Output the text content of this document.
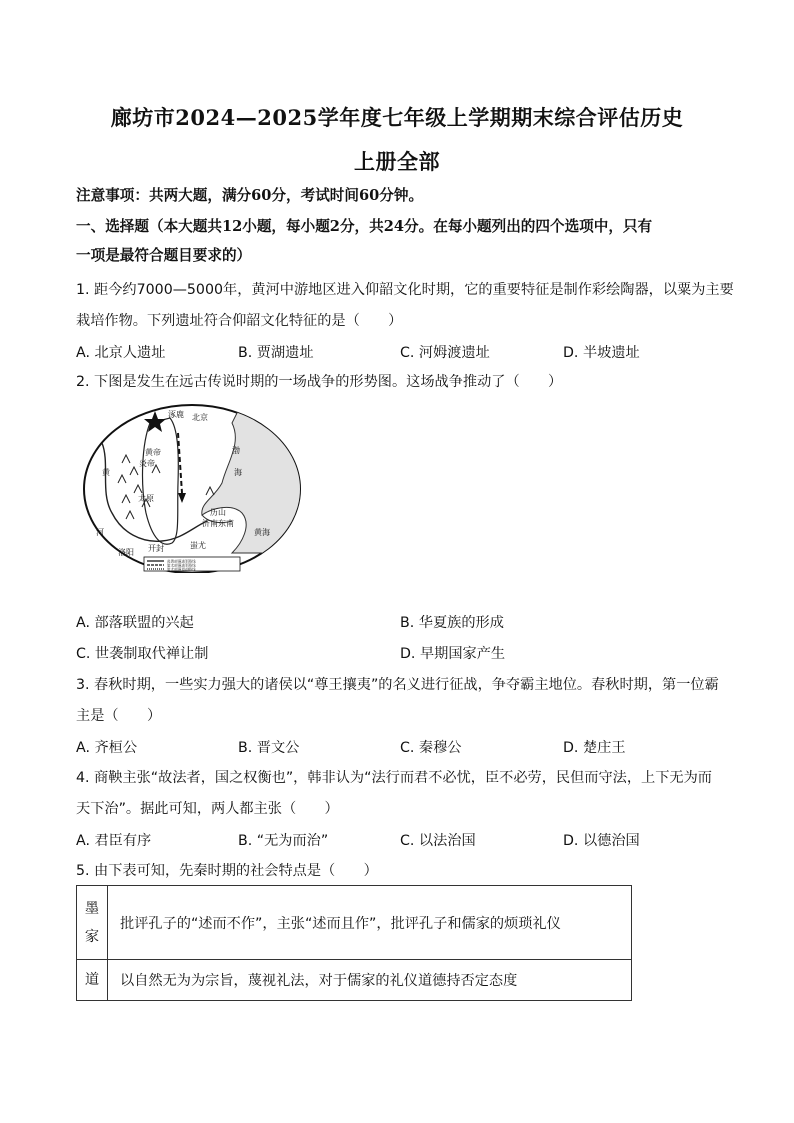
廊坊市2024—2025学年度七年级上学期期末综合评估历史
上册全部
注意事项：共两大题，满分60分，考试时间60分钟。
一、选择题（本大题共12小题，每小题2分，共24分。在每小题列出的四个选项中，只有
一项是最符合题目要求的）
1. 距今约7000—5000年，黄河中游地区进入仰韶文化时期，它的重要特征是制作彩绘陶器，以粟为主要
栽培作物。下列遗址符合仰韶文化特征的是（　　）
A. 北京人遗址	B. 贾湖遗址	C. 河姆渡遗址	D. 半坡遗址
2. 下图是发生在远古传说时期的一场战争的形势图。这场战争推动了（　　）
涿鹿 北京
黄帝
炎帝
太原
黄
河
渤
海
历山
济南东南
洛阳 开封	蚩尤
黄海
炎黄部落进军路线
蚩尤部落进军路线
蚩尤部落退却路线
A. 部落联盟的兴起	B. 华夏族的形成
C. 世袭制取代禅让制	D. 早期国家产生
3. 春秋时期，一些实力强大的诸侯以“尊王攘夷”的名义进行征战，争夺霸主地位。春秋时期，第一位霸
主是（　　）
A. 齐桓公	B. 晋文公	C. 秦穆公	D. 楚庄王
4. 商鞅主张“故法者，国之权衡也”，韩非认为“法行而君不必忧，臣不必劳，民但而守法，上下无为而
天下治”。据此可知，两人都主张（　　）
A. 君臣有序	B. “无为而治”	C. 以法治国	D. 以德治国
5. 由下表可知，先秦时期的社会特点是（　　）
墨
家	批评孔子的“述而不作”，主张“述而且作”，批评孔子和儒家的烦琐礼仪

道	以自然无为为宗旨，蔑视礼法，对于儒家的礼仪道德持否定态度
